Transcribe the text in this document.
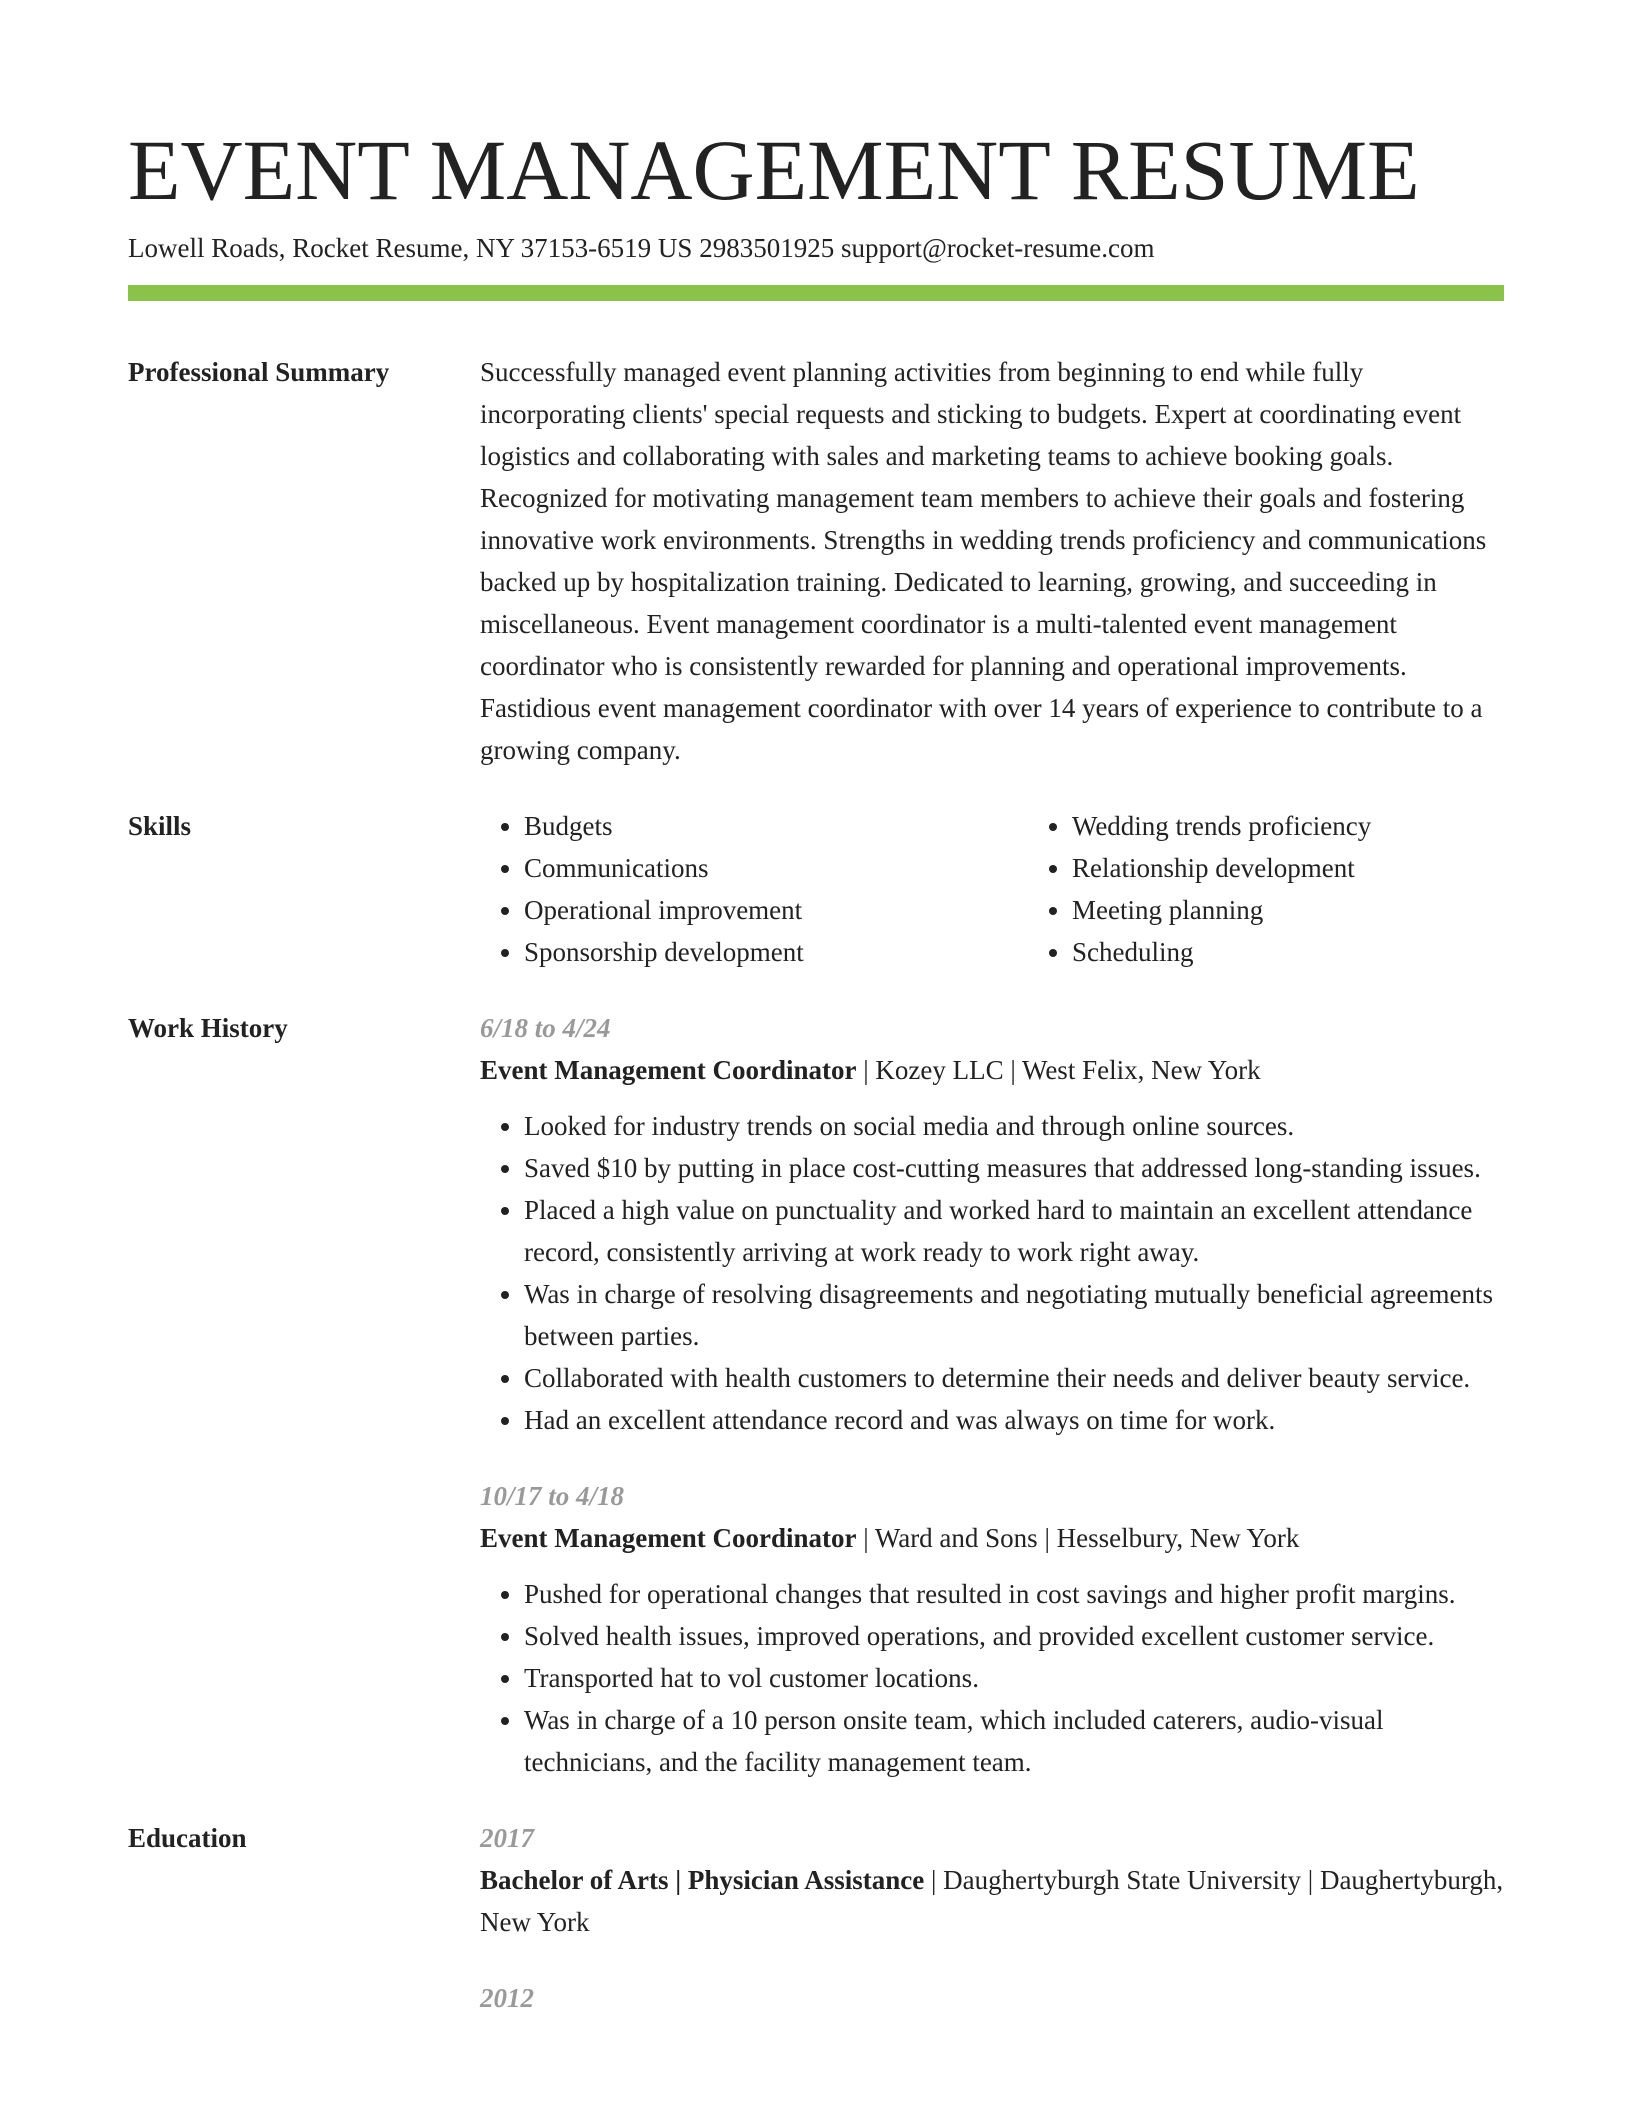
EVENT MANAGEMENT RESUME
Lowell Roads, Rocket Resume, NY 37153-6519 US 2983501925 support@rocket-resume.com
Professional Summary	Successfully managed event planning activities from beginning to end while fully incorporating clients' special requests and sticking to budgets. Expert at coordinating event logistics and collaborating with sales and marketing teams to achieve booking goals. Recognized for motivating management team members to achieve their goals and fostering innovative work environments. Strengths in wedding trends proficiency and communications backed up by hospitalization training. Dedicated to learning, growing, and succeeding in miscellaneous. Event management coordinator is a multi-talented event management coordinator who is consistently rewarded for planning and operational improvements. Fastidious event management coordinator with over 14 years of experience to contribute to a growing company.

Skills
•	Budgets
• Communications
• Operational improvement
• Sponsorship development
• Wedding trends proficiency
• Relationship development
• Meeting planning
• Scheduling
Work History	6/18 to 4/24
Event Management Coordinator | Kozey LLC | West Felix, New York
• Looked for industry trends on social media and through online sources.
• Saved $10 by putting in place cost-cutting measures that addressed long-standing issues.
• Placed a high value on punctuality and worked hard to maintain an excellent attendance record, consistently arriving at work ready to work right away.
• Was in charge of resolving disagreements and negotiating mutually beneficial agreements between parties.
• Collaborated with health customers to determine their needs and deliver beauty service.
• Had an excellent attendance record and was always on time for work.
10/17 to 4/18
Event Management Coordinator | Ward and Sons | Hesselbury, New York
• Pushed for operational changes that resulted in cost savings and higher profit margins.
• Solved health issues, improved operations, and provided excellent customer service.
• Transported hat to vol customer locations.
• Was in charge of a 10 person onsite team, which included caterers, audio-visual technicians, and the facility management team.
Education	2017
Bachelor of Arts | Physician Assistance | Daughertyburgh State University | Daughertyburgh, New York
2012
